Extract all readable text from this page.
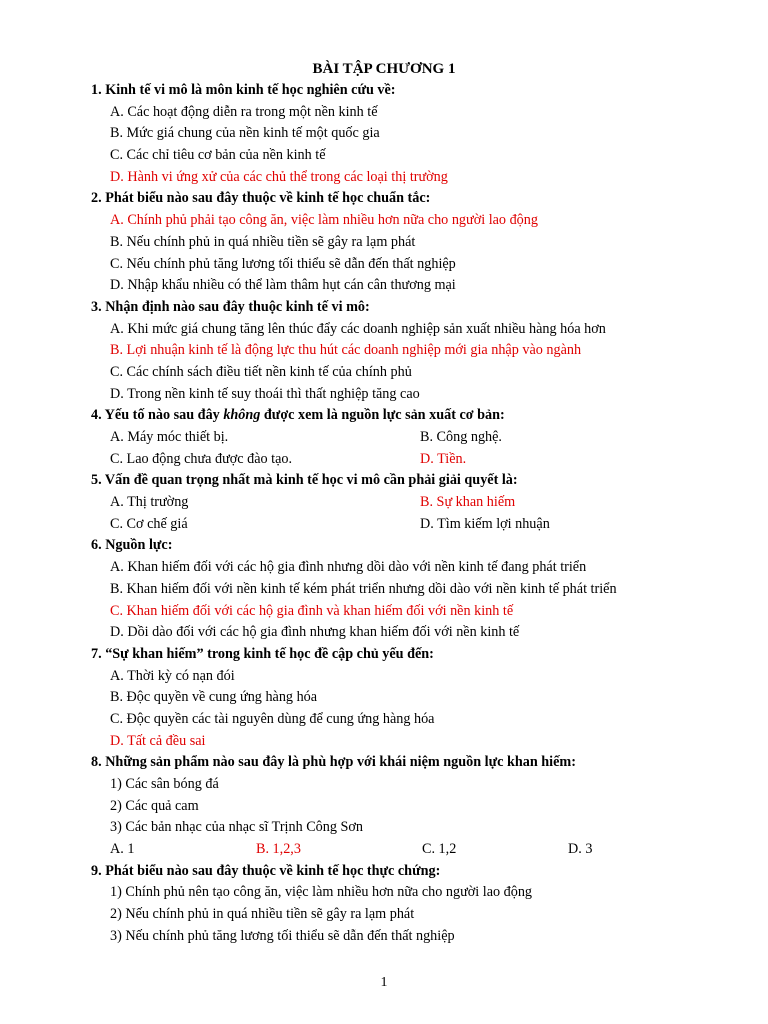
BÀI TẬP CHƯƠNG 1
1. Kinh tế vi mô là môn kinh tế học nghiên cứu về:
A. Các hoạt động diễn ra trong một nền kinh tế
B. Mức giá chung của nền kinh tế một quốc gia
C. Các chỉ tiêu cơ bản của nền kinh tế
D. Hành vi ứng xử của các chủ thể trong các loại thị trường
2. Phát biểu nào sau đây thuộc về kinh tế học chuẩn tắc:
A. Chính phủ phải tạo công ăn, việc làm nhiều hơn nữa cho người lao động
B. Nếu chính phủ in quá nhiều tiền sẽ gây ra lạm phát
C. Nếu chính phủ tăng lương tối thiểu sẽ dẫn đến thất nghiệp
D. Nhập khẩu nhiều có thể làm thâm hụt cán cân thương mại
3. Nhận định nào sau đây thuộc kinh tế vi mô:
A. Khi mức giá chung tăng lên thúc đẩy các doanh nghiệp sản xuất nhiều hàng hóa hơn
B. Lợi nhuận kinh tế là động lực thu hút các doanh nghiệp mới gia nhập vào ngành
C. Các chính sách điều tiết nền kinh tế của chính phủ
D. Trong nền kinh tế suy thoái thì thất nghiệp tăng cao
4. Yếu tố nào sau đây không được xem là nguồn lực sản xuất cơ bản:
A. Máy móc thiết bị.	B. Công nghệ.
C. Lao động chưa được đào tạo.	D. Tiền.
5. Vấn đề quan trọng nhất mà kinh tế học vi mô cần phải giải quyết là:
A. Thị trường	B. Sự khan hiếm
C. Cơ chế giá	D. Tìm kiếm lợi nhuận
6. Nguồn lực:
A. Khan hiếm đối với các hộ gia đình nhưng dồi dào với nền kinh tế đang phát triển
B. Khan hiếm đối với nền kinh tế kém phát triển nhưng dồi dào với nền kinh tế phát triển
C. Khan hiếm đối với các hộ gia đình và khan hiếm đối với nền kinh tế
D. Dồi dào đối với các hộ gia đình nhưng khan hiếm đối với nền kinh tế
7. “Sự khan hiếm” trong kinh tế học đề cập chủ yếu đến:
A. Thời kỳ có nạn đói
B. Độc quyền về cung ứng hàng hóa
C. Độc quyền các tài nguyên dùng để cung ứng hàng hóa
D. Tất cả đều sai
8. Những sản phẩm nào sau đây là phù hợp với khái niệm nguồn lực khan hiếm:
1) Các sân bóng đá
2) Các quả cam
3) Các bản nhạc của nhạc sĩ Trịnh Công Sơn
A. 1	B. 1,2,3	C. 1,2	D. 3
9. Phát biểu nào sau đây thuộc về kinh tế học thực chứng:
1) Chính phủ nên tạo công ăn, việc làm nhiều hơn nữa cho người lao động
2) Nếu chính phủ in quá nhiều tiền sẽ gây ra lạm phát
3) Nếu chính phủ tăng lương tối thiểu sẽ dẫn đến thất nghiệp
1
